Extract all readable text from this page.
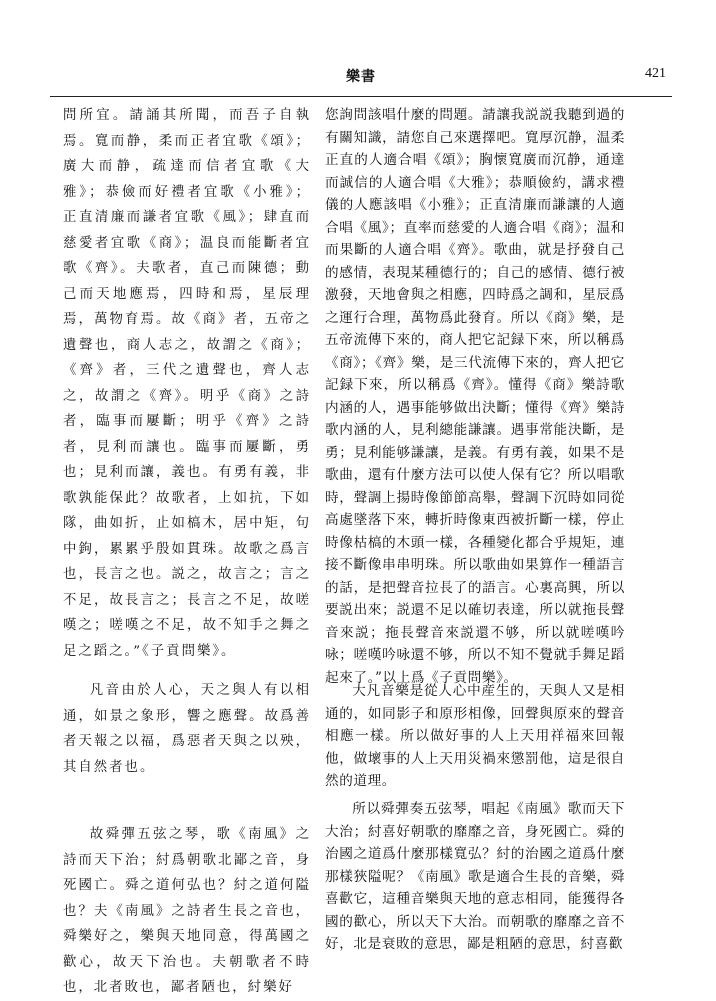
樂書	421

問所宜。請誦其所聞，而吾子自執焉。寬而静，柔而正者宜歌《頌》；廣大而静，疏達而信者宜歌《大雅》；恭儉而好禮者宜歌《小雅》；正直清廉而謙者宜歌《風》；肆直而慈愛者宜歌《商》；温良而能斷者宜歌《齊》。夫歌者，直己而陳德；動己而天地應焉，四時和焉，星辰理焉，萬物育焉。故《商》者，五帝之遺聲也，商人志之，故謂之《商》；《齊》者，三代之遺聲也，齊人志之，故謂之《齊》。明乎《商》之詩者，臨事而屢斷；明乎《齊》之詩者，見利而讓也。臨事而屢斷，勇也；見利而讓，義也。有勇有義，非歌孰能保此？故歌者，上如抗，下如隊，曲如折，止如槁木，居中矩，句中鉤，累累乎殷如貫珠。故歌之爲言也，長言之也。説之，故言之；言之不足，故長言之；長言之不足，故嗟嘆之；嗟嘆之不足，故不知手之舞之足之蹈之。”《子貢問樂》。

您詢問該唱什麼的問題。請讓我説説我聽到過的有關知識，請您自己來選擇吧。寬厚沉静，温柔正直的人適合唱《頌》；胸懷寬廣而沉静，通達而誠信的人適合唱《大雅》；恭順儉約，講求禮儀的人應該唱《小雅》；正直清廉而謙讓的人適合唱《風》；直率而慈愛的人適合唱《商》；温和而果斷的人適合唱《齊》。歌曲，就是抒發自己的感情，表現某種德行的；自己的感情、德行被激發，天地會與之相應，四時爲之調和，星辰爲之運行合理，萬物爲此發育。所以《商》樂，是五帝流傳下來的，商人把它記録下來，所以稱爲《商》；《齊》樂，是三代流傳下來的，齊人把它記録下來，所以稱爲《齊》。懂得《商》樂詩歌内涵的人，遇事能够做出決斷；懂得《齊》樂詩歌内涵的人，見利總能謙讓。遇事常能決斷，是勇；見利能够謙讓，是義。有勇有義，如果不是歌曲，還有什麼方法可以使人保有它？所以唱歌時，聲調上揚時像節節高舉，聲調下沉時如同從高處墜落下來，轉折時像東西被折斷一樣，停止時像枯槁的木頭一樣，各種變化都合乎規矩，連接不斷像串串明珠。所以歌曲如果算作一種語言的話，是把聲音拉長了的語言。心裏高興，所以要説出來；説還不足以確切表達，所以就拖長聲音來説；拖長聲音來説還不够，所以就嗟嘆吟咏；嗟嘆吟咏還不够，所以不知不覺就手舞足蹈起來了。”以上爲《子貢問樂》。

凡音由於人心，天之與人有以相通，如景之象形，響之應聲。故爲善者天報之以福，爲惡者天與之以殃，其自然者也。

大凡音樂是從人心中産生的，天與人又是相通的，如同影子和原形相像，回聲與原來的聲音相應一樣。所以做好事的人上天用祥福來回報他，做壞事的人上天用災禍來懲罰他，這是很自然的道理。

故舜彈五弦之琴，歌《南風》之詩而天下治；紂爲朝歌北鄙之音，身死國亡。舜之道何弘也？紂之道何隘也？夫《南風》之詩者生長之音也，舜樂好之，樂與天地同意，得萬國之歡心，故天下治也。夫朝歌者不時也，北者敗也，鄙者陋也，紂樂好

所以舜彈奏五弦琴，唱起《南風》歌而天下大治；紂喜好朝歌的靡靡之音，身死國亡。舜的治國之道爲什麼那樣寬弘？紂的治國之道爲什麼那樣狹隘呢？《南風》歌是適合生長的音樂，舜喜歡它，這種音樂與天地的意志相同，能獲得各國的歡心，所以天下大治。而朝歌的靡靡之音不好，北是衰敗的意思，鄙是粗陋的意思，紂喜歡
